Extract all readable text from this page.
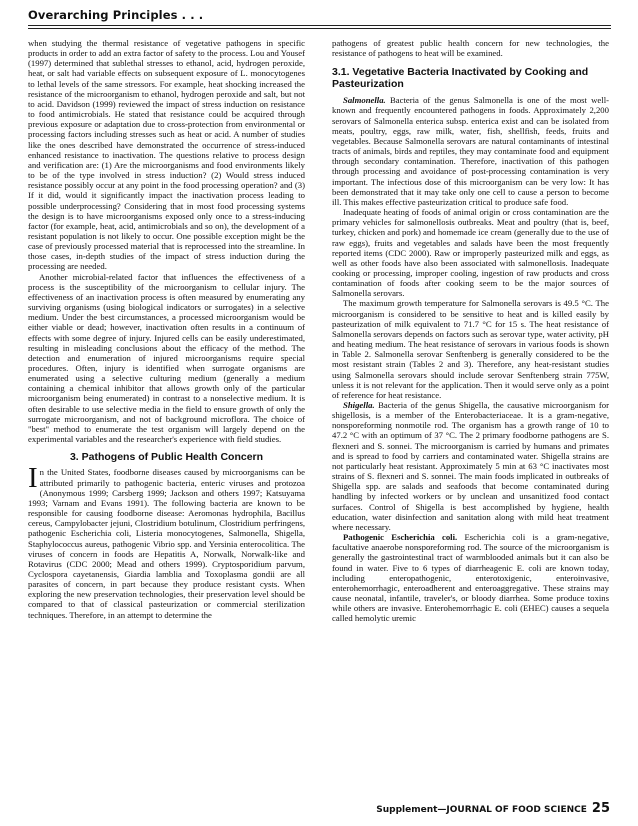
Overarching Principles . . .

when studying the thermal resistance of vegetative pathogens in specific products in order to add an extra factor of safety to the process. Lou and Yousef (1997) determined that sublethal stresses to ethanol, acid, hydrogen peroxide, heat, or salt had variable effects on subsequent exposure of L. monocytogenes to lethal levels of the same stressors. For example, heat shocking increased the resistance of the microorganism to ethanol, hydrogen peroxide and salt, but not to acid. Davidson (1999) reviewed the impact of stress induction on resistance to food antimicrobials. He stated that resistance could be acquired through previous exposure or adaptation due to cross-protection from environmental or processing factors including stresses such as heat or acid. A number of studies like the ones described have demonstrated the occurrence of stress-induced enhanced resistance to inactivation. The questions relative to process design and verification are: (1) Are the microorganisms and food environments likely to be of the type involved in stress induction? (2) Would stress induced resistance possibly occur at any point in the food processing operation? and (3) If it did, would it significantly impact the inactivation process leading to possible underprocessing? Considering that in most food processing systems the design is to have microorganisms exposed only once to a stress-inducing factor (for example, heat, acid, antimicrobials and so on), the development of a resistant population is not likely to occur. One possible exception might be the case of previously processed material that is reprocessed into the streamline. In those cases, in-depth studies of the impact of stress induction during the processing are needed.

Another microbial-related factor that influences the effectiveness of a process is the susceptibility of the microorganism to cellular injury. The effectiveness of an inactivation process is often measured by enumerating any surviving organisms (using biological indicators or surrogates) in a selective medium. Under the best circumstances, a processed microorganism would be either viable or dead; however, inactivation often results in a continuum of effects with some degree of injury. Injured cells can be easily underestimated, resulting in misleading conclusions about the efficacy of the method. The detection and enumeration of injured microorganisms require special procedures. Often, injury is identified when surrogate organisms are enumerated using a selective culturing medium (generally a medium containing a chemical inhibitor that allows growth only of the particular microorganism being enumerated) in contrast to a nonselective medium. It is often desirable to use selective media in the field to ensure growth of only the surrogate microorganism, and not of background microflora. The choice of "best" method to enumerate the test organism will largely depend on the experimental variables and the researcher's experience with field studies.

3. Pathogens of Public Health Concern

In the United States, foodborne diseases caused by microorganisms can be attributed primarily to pathogenic bacteria, enteric viruses and protozoa (Anonymous 1999; Carsberg 1999; Jackson and others 1997; Katsuyama 1993; Varnam and Evans 1991). The following bacteria are known to be responsible for causing foodborne disease: Aeromonas hydrophila, Bacillus cereus, Campylobacter jejuni, Clostridium botulinum, Clostridium perfringens, pathogenic Escherichia coli, Listeria monocytogenes, Salmonella, Shigella, Staphylococcus aureus, pathogenic Vibrio spp. and Yersinia enterocolitica. The viruses of concern in foods are Hepatitis A, Norwalk, Norwalk-like and Rotavirus (CDC 2000; Mead and others 1999). Cryptosporidium parvum, Cyclospora cayetanensis, Giardia lamblia and Toxoplasma gondii are all parasites of concern, in part because they produce resistant cysts. When exploring the new preservation technologies, their preservation level should be compared to that of classical pasteurization or commercial sterilization techniques. Therefore, in an attempt to determine the

pathogens of greatest public health concern for new technologies, the resistance of pathogens to heat will be examined.

3.1. Vegetative Bacteria Inactivated by Cooking and Pasteurization

Salmonella. Bacteria of the genus Salmonella is one of the most well-known and frequently encountered pathogens in foods. Approximately 2,200 serovars of Salmonella enterica subsp. enterica exist and can be isolated from meats, poultry, eggs, raw milk, water, fish, shellfish, feeds, fruits and vegetables. Because Salmonella serovars are natural contaminants of intestinal tracts of animals, birds and reptiles, they may contaminate food and equipment through secondary contamination. Therefore, inactivation of this pathogen through processing and avoidance of post-processing contamination is very important. The infectious dose of this microorganism can be very low: It has been demonstrated that it may take only one cell to cause a person to become ill. This makes effective pasteurization critical to produce safe food.

Inadequate heating of foods of animal origin or cross contamination are the primary vehicles for salmonellosis outbreaks. Meat and poultry (that is, beef, turkey, chicken and pork) and homemade ice cream (generally due to the use of raw eggs), fruits and vegetables and salads have been the most frequently reported items (CDC 2000). Raw or improperly pasteurized milk and eggs, as well as other foods have also been associated with salmonellosis. Inadequate cooking or processing, improper cooling, ingestion of raw products and cross contamination of foods after cooking seem to be the major sources of Salmonella serovars.

The maximum growth temperature for Salmonella serovars is 49.5 °C. The microorganism is considered to be sensitive to heat and is killed easily by pasteurization of milk equivalent to 71.7 °C for 15 s. The heat resistance of Salmonella serovars depends on factors such as serovar type, water activity, pH and heating medium. The heat resistance of serovars in various foods is shown in Table 2. Salmonella serovar Senftenberg is generally considered to be the most resistant strain (Tables 2 and 3). Therefore, any heat-resistant studies using Salmonella serovars should include serovar Senftenberg strain 775W, unless it is not relevant for the application. Then it would serve only as a point of reference for heat resistance.

Shigella. Bacteria of the genus Shigella, the causative microorganism for shigellosis, is a member of the Enterobacteriaceae. It is a gram-negative, nonsporeforming nonmotile rod. The organism has a growth range of 10 to 47.2 °C with an optimum of 37 °C. The 2 primary foodborne pathogens are S. flexneri and S. sonnei. The microorganism is carried by humans and primates and is spread to food by carriers and contaminated water. Shigella strains are not particularly heat resistant. Approximately 5 min at 63 °C inactivates most strains of S. flexneri and S. sonnei. The main foods implicated in outbreaks of Shigella spp. are salads and seafoods that become contaminated during handling by infected workers or by unclean and unsanitized food contact surfaces. Control of Shigella is best accomplished by hygiene, health education, water disinfection and sanitation along with mild heat treatment where necessary.

Pathogenic Escherichia coli. Escherichia coli is a gram-negative, facultative anaerobe nonsporeforming rod. The source of the microorganism is generally the gastrointestinal tract of warmblooded animals but it can also be found in water. Five to 6 types of diarrheagenic E. coli are known today, including enteropathogenic, enterotoxigenic, enteroinvasive, enterohemorrhagic, enteroadherent and enteroaggregative. These strains may cause neonatal, infantile, traveler's, or bloody diarrhea. Some produce toxins while others are invasive. Enterohemorrhagic E. coli (EHEC) causes a sequela called hemolytic uremic

Supplement—JOURNAL OF FOOD SCIENCE 25
